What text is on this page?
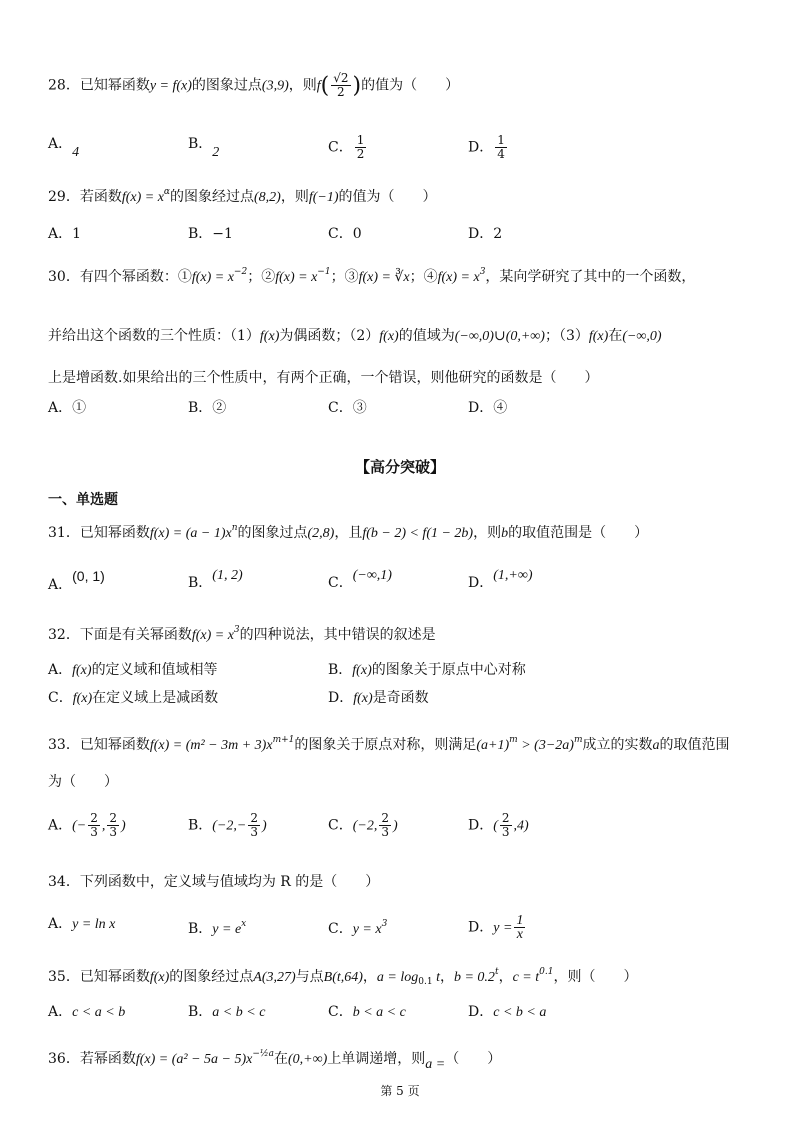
28．已知幂函数y = f(x)的图象过点(3,9)，则$f( \frac{√2}{2}$ )的值为（　　）
A．4
B．2	C． $\frac{1}{2}$	D． $\frac{1}{4}$
29．若函数$f(x) = x^\alpha$的图象经过点(8,2)，则f(−1)的值为（　　）
A．1	B．−1	C．0	D．2
30．有四个幂函数：①f(x) = $x^{-2}$；②f(x) = $x^{-1}$；③f(x) = ∛x；④f(x) = $x^3$，某向学研究了其中的一个函数，
并给出这个函数的三个性质：（1）f(x)为偶函数；（2）f(x)的值域为(−∞,0)∪(0,+∞)；（3）f(x)在(−∞,0)
上是增函数.如果给出的三个性质中，有两个正确，一个错误，则他研究的函数是（　　）
A．①	B．②	C．③	D．④
【高分突破】
一、单选题
31．已知幂函数$f(x) = (a - 1)x^n$的图象过点(2,8)，且f(b − 2) < f(1 − 2b)，则b的取值范围是（　　）
A．(0, 1)	B．(1, 2)	C．(−∞,1)	D．(1,+∞)
32．下面是有关幂函数$f(x) = x^3$的四种说法，其中错误的叙述是
A．f(x)的定义域和值域相等	B．f(x)的图象关于原点中心对称
C．f(x)在定义域上是减函数	D．f(x)是奇函数
33．已知幂函数$f(x) = (m^2 - 3m + 3)x^{m+1}$的图象关于原点对称，则满足$(a+1)^m > (3-2a)^m$成立的实数a的取值范围
为（　　）
A．(− $\frac{2}{3}$ , $\frac{2}{3}$ )	B．($-2,- \frac{2}{3}$ )	C．(−2, $\frac{2}{3}$ )	D．( $\frac{2}{3} ,4$)
34．下列函数中，定义域与值域均为 R 的是（　　）
A．y = ln x	B．$y = e^x$	C．$y = x^3$	D．$y = \frac{1}{x}$
35．已知幂函数f(x)的图象经过点A(3,27)与点B(t,64)，$a = \log_{0.1} t$，$b = 0.2^t$，$c = t^{0.1}$，则（　　）
A．c < a < b	B．a < b < c	C．b < a < c	D．c < b < a
36．若幂函数$f(x) = (a^2 - 5a - 5)x^{-\frac{1}{2}a}$在(0,+∞)上单调递增，则a =（　　）
第 5 页
